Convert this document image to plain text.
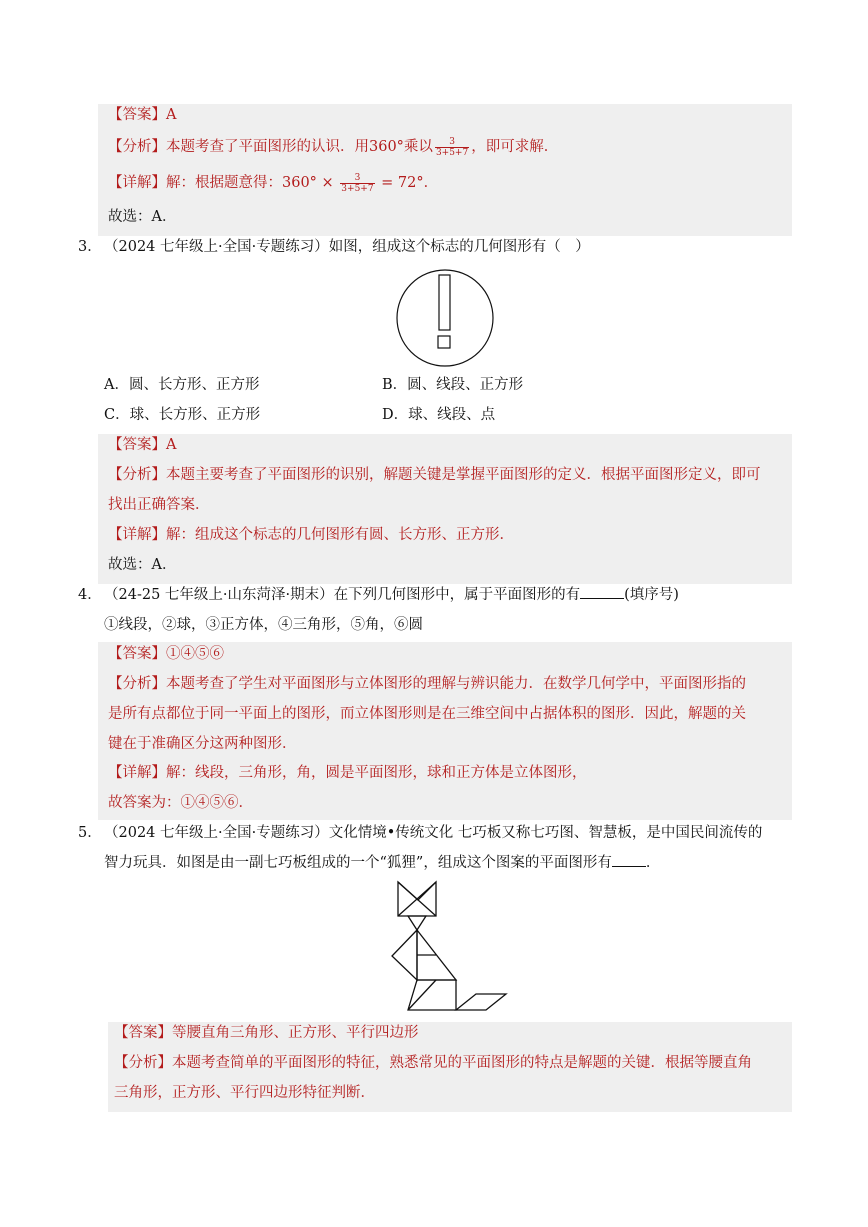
【答案】A
【分析】本题考查了平面图形的认识．用360°乘以 $\frac{3}{3+5+7}$ ，即可求解．
【详解】解：根据题意得：$360^\circ \times \frac{3}{3+5+7} = 72^\circ$．
故选：A．
3． （2024 七年级上·全国·专题练习）如图，组成这个标志的几何图形有（　）
A．圆、长方形、正方形	B．圆、线段、正方形
C．球、长方形、正方形	D．球、线段、点
【答案】A
【分析】本题主要考查了平面图形的识别，解题关键是掌握平面图形的定义．根据平面图形定义，即可
找出正确答案．
【详解】解：组成这个标志的几何图形有圆、长方形、正方形．
故选：A．
4． （24-25 七年级上·山东菏泽·期末）在下列几何图形中，属于平面图形的有	(填序号)
①线段，②球，③正方体，④三角形，⑤角，⑥圆
【答案】①④⑤⑥
【分析】本题考查了学生对平面图形与立体图形的理解与辨识能力．在数学几何学中，平面图形指的
是所有点都位于同一平面上的图形，而立体图形则是在三维空间中占据体积的图形．因此，解题的关
键在于准确区分这两种图形．
【详解】解：线段，三角形，角，圆是平面图形，球和正方体是立体图形，
故答案为：①④⑤⑥．
5． （2024 七年级上·全国·专题练习）文化情境•传统文化 七巧板又称七巧图、智慧板，是中国民间流传的
智力玩具．如图是由一副七巧板组成的一个“狐狸”，组成这个图案的平面图形有 ．
【答案】等腰直角三角形、正方形、平行四边形
【分析】本题考查简单的平面图形的特征，熟悉常见的平面图形的特点是解题的关键．根据等腰直角
三角形，正方形、平行四边形特征判断．
